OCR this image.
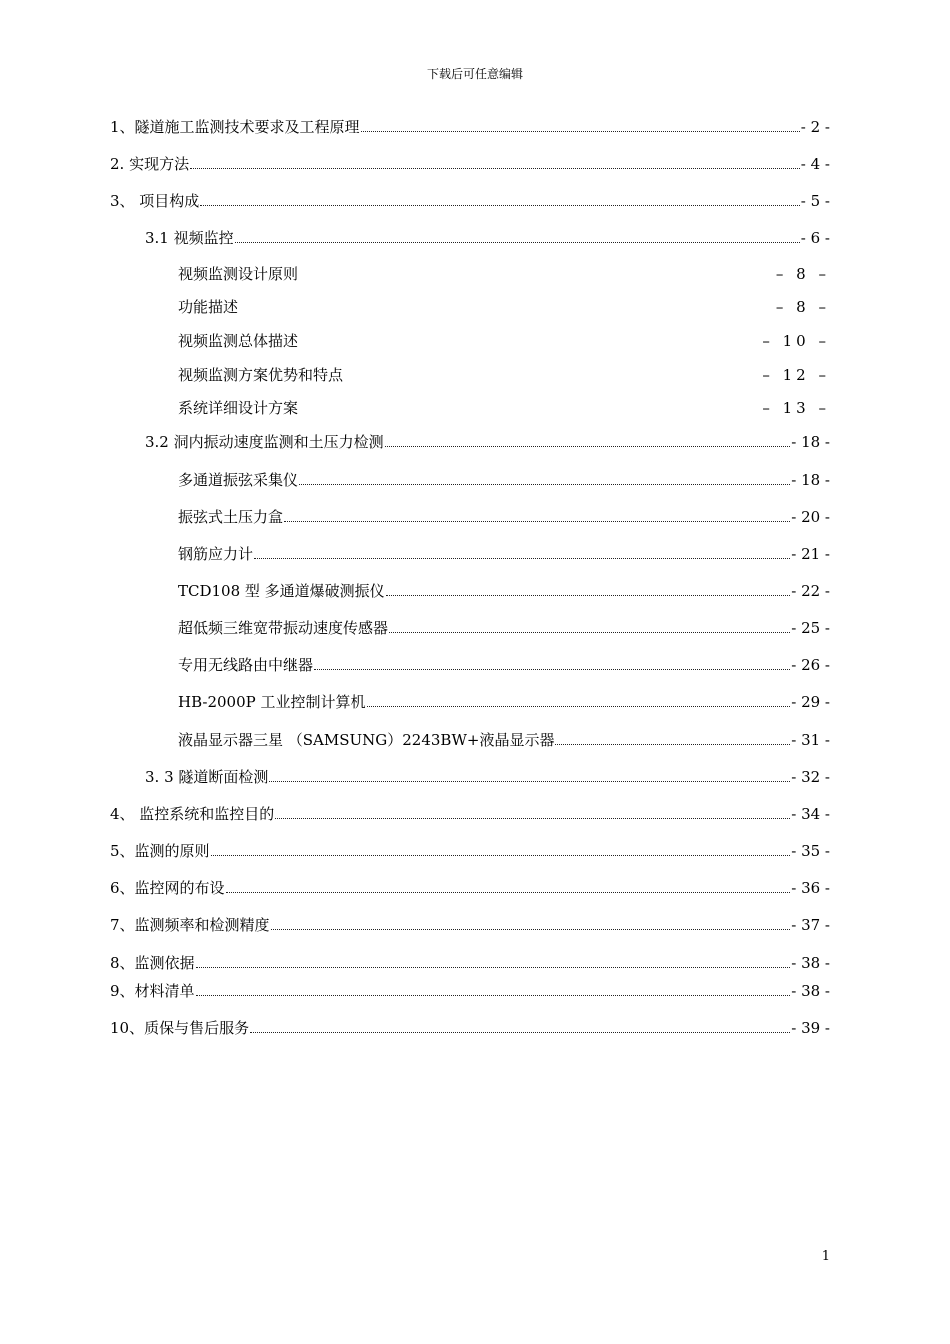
下载后可任意编辑
1、隧道施工监测技术要求及工程原理	- 2 -
2. 实现方法	- 4 -
3、 项目构成	- 5 -
3.1 视频监控	- 6 -
视频监测设计原则	– 8 –
功能描述	– 8 –
视频监测总体描述	– 10 –
视频监测方案优势和特点	– 12 –
系统详细设计方案	– 13 –
3.2 洞内振动速度监测和土压力检测	- 18 -
多通道振弦采集仪	- 18 -
振弦式土压力盒	- 20 -
钢筋应力计	- 21 -
TCD108 型 多通道爆破测振仪	- 22 -
超低频三维宽带振动速度传感器	- 25 -
专用无线路由中继器	- 26 -
HB-2000P 工业控制计算机	- 29 -
液晶显示器三星 （SAMSUNG）2243BW+液晶显示器	- 31 -
3. 3 隧道断面检测	- 32 -
4、 监控系统和监控目的	- 34 -
5、监测的原则	- 35 -
6、监控网的布设	- 36 -
7、监测频率和检测精度	- 37 -
8、监测依据	- 38 -
9、材料清单	- 38 -
10、质保与售后服务	- 39 -
1
